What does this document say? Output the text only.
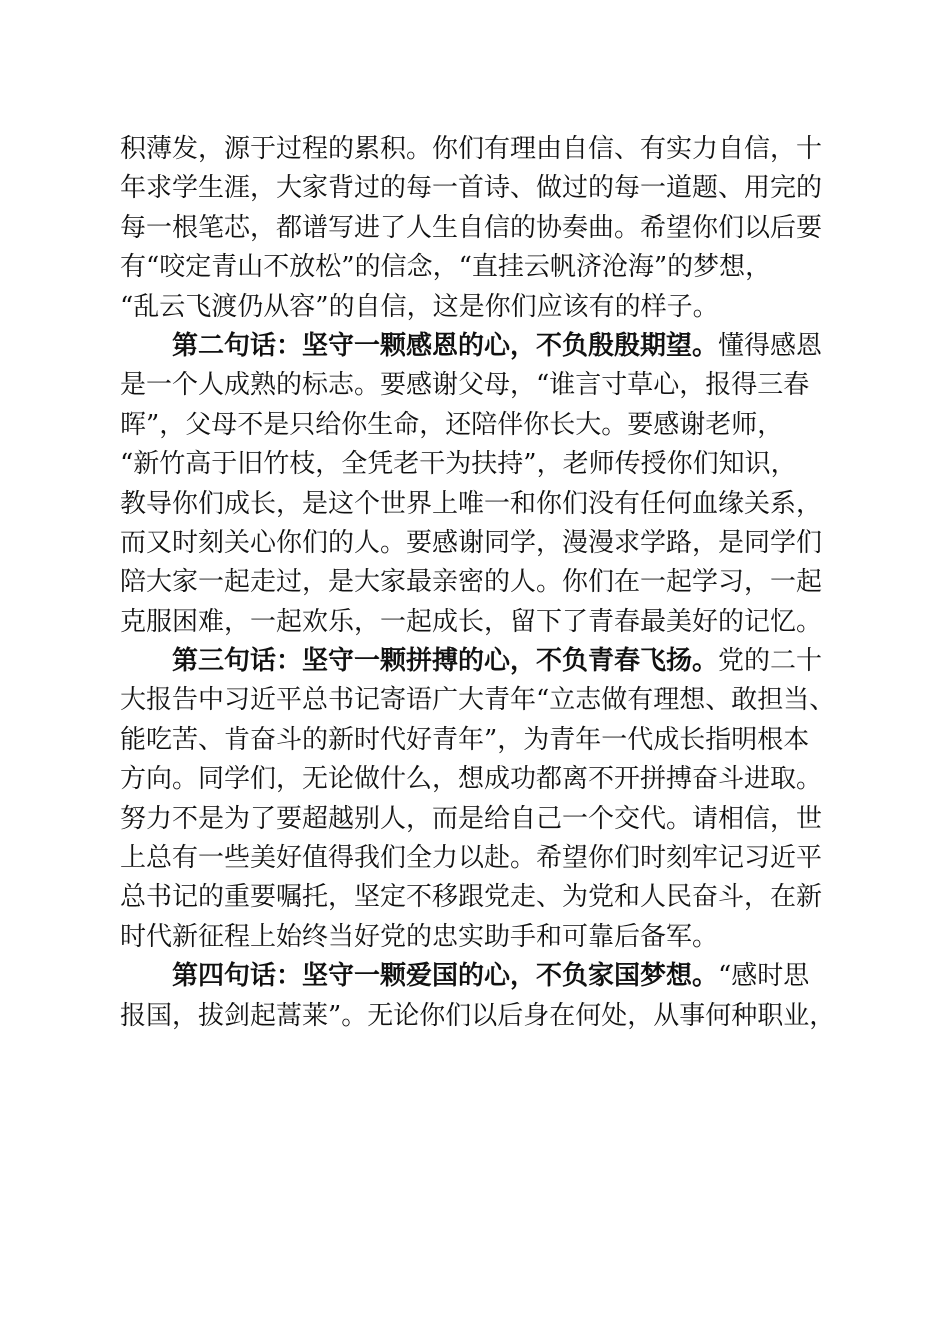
积薄发，源于过程的累积。你们有理由自信、有实力自信，十
年求学生涯，大家背过的每一首诗、做过的每一道题、用完的
每一根笔芯，都谱写进了人生自信的协奏曲。希望你们以后要
有“咬定青山不放松”的信念，“直挂云帆济沧海”的梦想，
“乱云飞渡仍从容”的自信，这是你们应该有的样子。
第二句话：坚守一颗感恩的心，不负殷殷期望。懂得感恩
是一个人成熟的标志。要感谢父母，“谁言寸草心，报得三春
晖”，父母不是只给你生命，还陪伴你长大。要感谢老师，
“新竹高于旧竹枝，全凭老干为扶持”，老师传授你们知识，
教导你们成长，是这个世界上唯一和你们没有任何血缘关系，
而又时刻关心你们的人。要感谢同学，漫漫求学路，是同学们
陪大家一起走过，是大家最亲密的人。你们在一起学习，一起
克服困难，一起欢乐，一起成长，留下了青春最美好的记忆。
第三句话：坚守一颗拼搏的心，不负青春飞扬。党的二十
大报告中习近平总书记寄语广大青年“立志做有理想、敢担当、
能吃苦、肯奋斗的新时代好青年”，为青年一代成长指明根本
方向。同学们，无论做什么，想成功都离不开拼搏奋斗进取。
努力不是为了要超越别人，而是给自己一个交代。请相信，世
上总有一些美好值得我们全力以赴。希望你们时刻牢记习近平
总书记的重要嘱托，坚定不移跟党走、为党和人民奋斗，在新
时代新征程上始终当好党的忠实助手和可靠后备军。
第四句话：坚守一颗爱国的心，不负家国梦想。“感时思
报国，拔剑起蒿莱”。无论你们以后身在何处，从事何种职业，
